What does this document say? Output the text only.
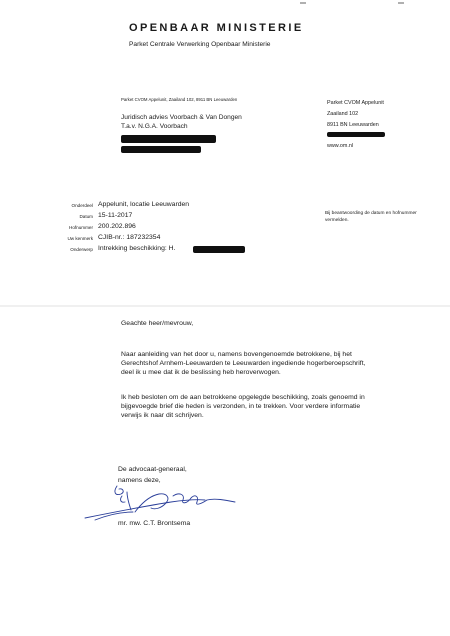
OPENBAAR MINISTERIE
Parket Centrale Verwerking Openbaar Ministerie
Parket CVOM Appelunit, Zaailand 102, 8911 BN Leeuwarden
Juridisch advies Voorbach & Van Dongen
T.a.v. N.G.A. Voorbach
Parket CVOM Appelunit
Zaailand 102
8911 BN Leeuwarden
www.om.nl
Onderdeel Appelunit, locatie Leeuwarden
Datum 15-11-2017
Hofnummer 200.202.896
Uw kenmerk CJIB-nr.: 187232354
Onderwerp Intrekking beschikking: H.
Bij beantwoording de datum en hofnummer vermelden.
Geachte heer/mevrouw,
Naar aanleiding van het door u, namens bovengenoemde betrokkene, bij het
Gerechtshof Arnhem-Leeuwarden te Leeuwarden ingediende hogerberoepschrift,
deel ik u mee dat ik de beslissing heb heroverwogen.
Ik heb besloten om de aan betrokkene opgelegde beschikking, zoals genoemd in
bijgevoegde brief die heden is verzonden, in te trekken. Voor verdere informatie
verwijs ik naar dit schrijven.
De advocaat-generaal,
namens deze,
mr. mw. C.T. Brontsema
